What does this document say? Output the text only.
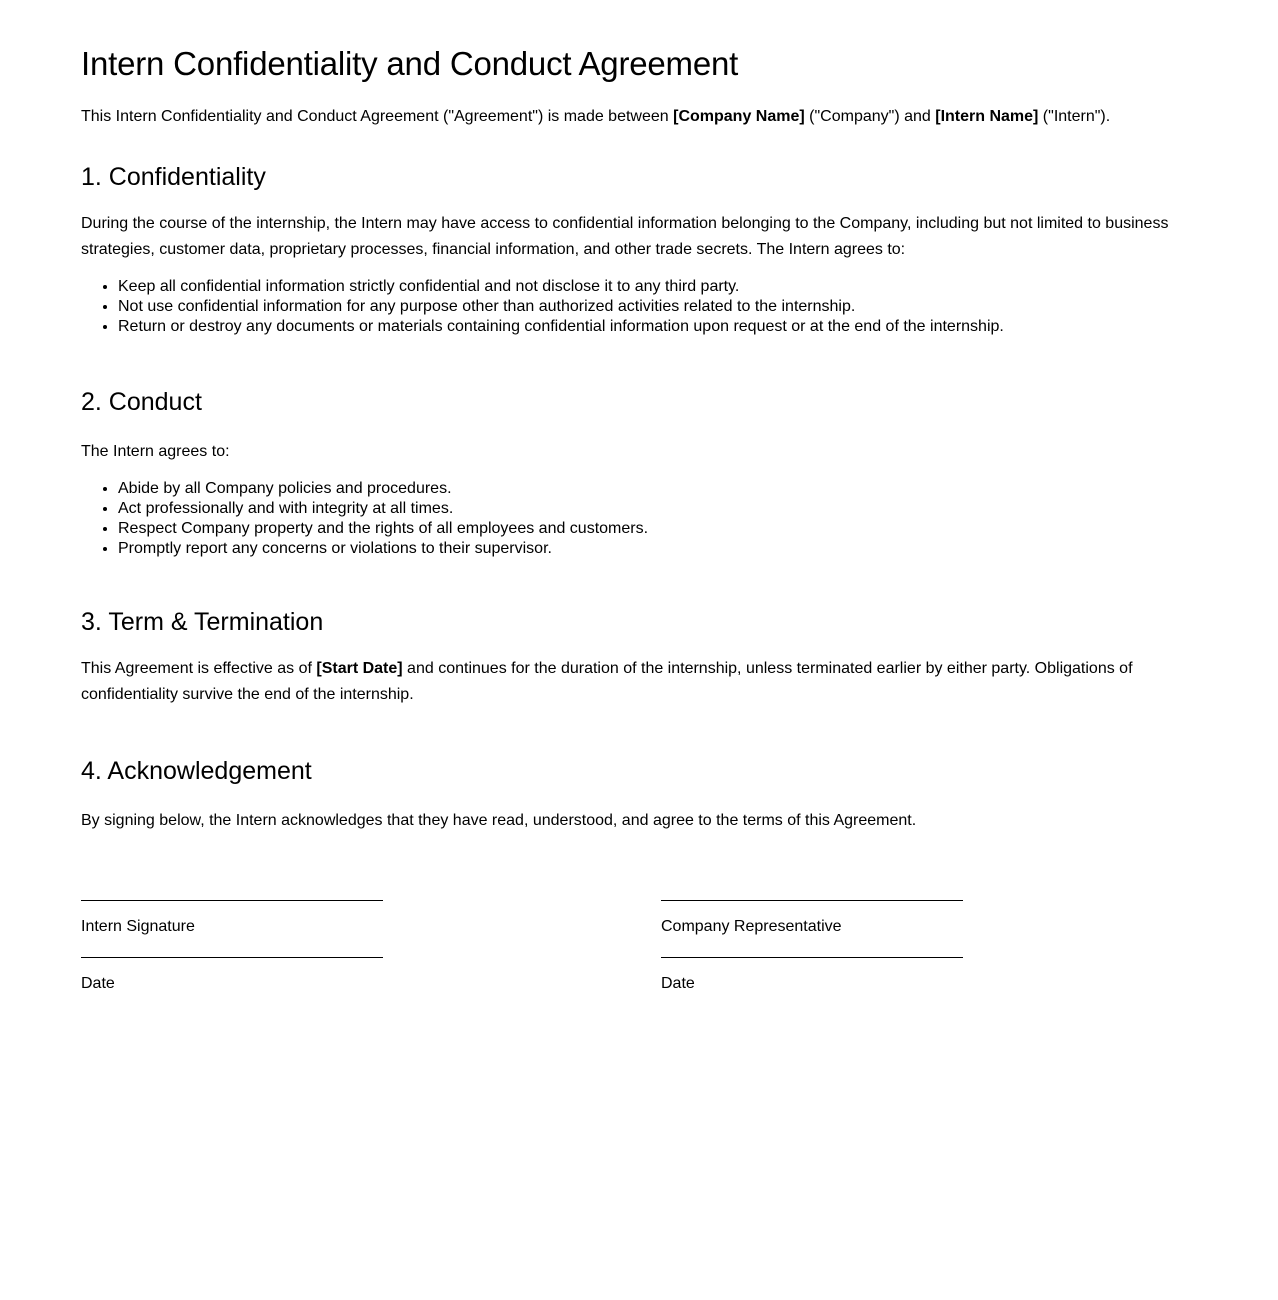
Intern Confidentiality and Conduct Agreement

This Intern Confidentiality and Conduct Agreement ("Agreement") is made between [Company Name] ("Company") and [Intern Name] ("Intern").

1. Confidentiality

During the course of the internship, the Intern may have access to confidential information belonging to the Company, including but not limited to business strategies, customer data, proprietary processes, financial information, and other trade secrets. The Intern agrees to:

• Keep all confidential information strictly confidential and not disclose it to any third party.
• Not use confidential information for any purpose other than authorized activities related to the internship.
• Return or destroy any documents or materials containing confidential information upon request or at the end of the internship.
2. Conduct

The Intern agrees to:

• Abide by all Company policies and procedures.
• Act professionally and with integrity at all times.
• Respect Company property and the rights of all employees and customers.
• Promptly report any concerns or violations to their supervisor.
3. Term & Termination

This Agreement is effective as of [Start Date] and continues for the duration of the internship, unless terminated earlier by either party. Obligations of confidentiality survive the end of the internship.

4. Acknowledgement

By signing below, the Intern acknowledges that they have read, understood, and agree to the terms of this Agreement.

Intern Signature

Date

Company Representative

Date
